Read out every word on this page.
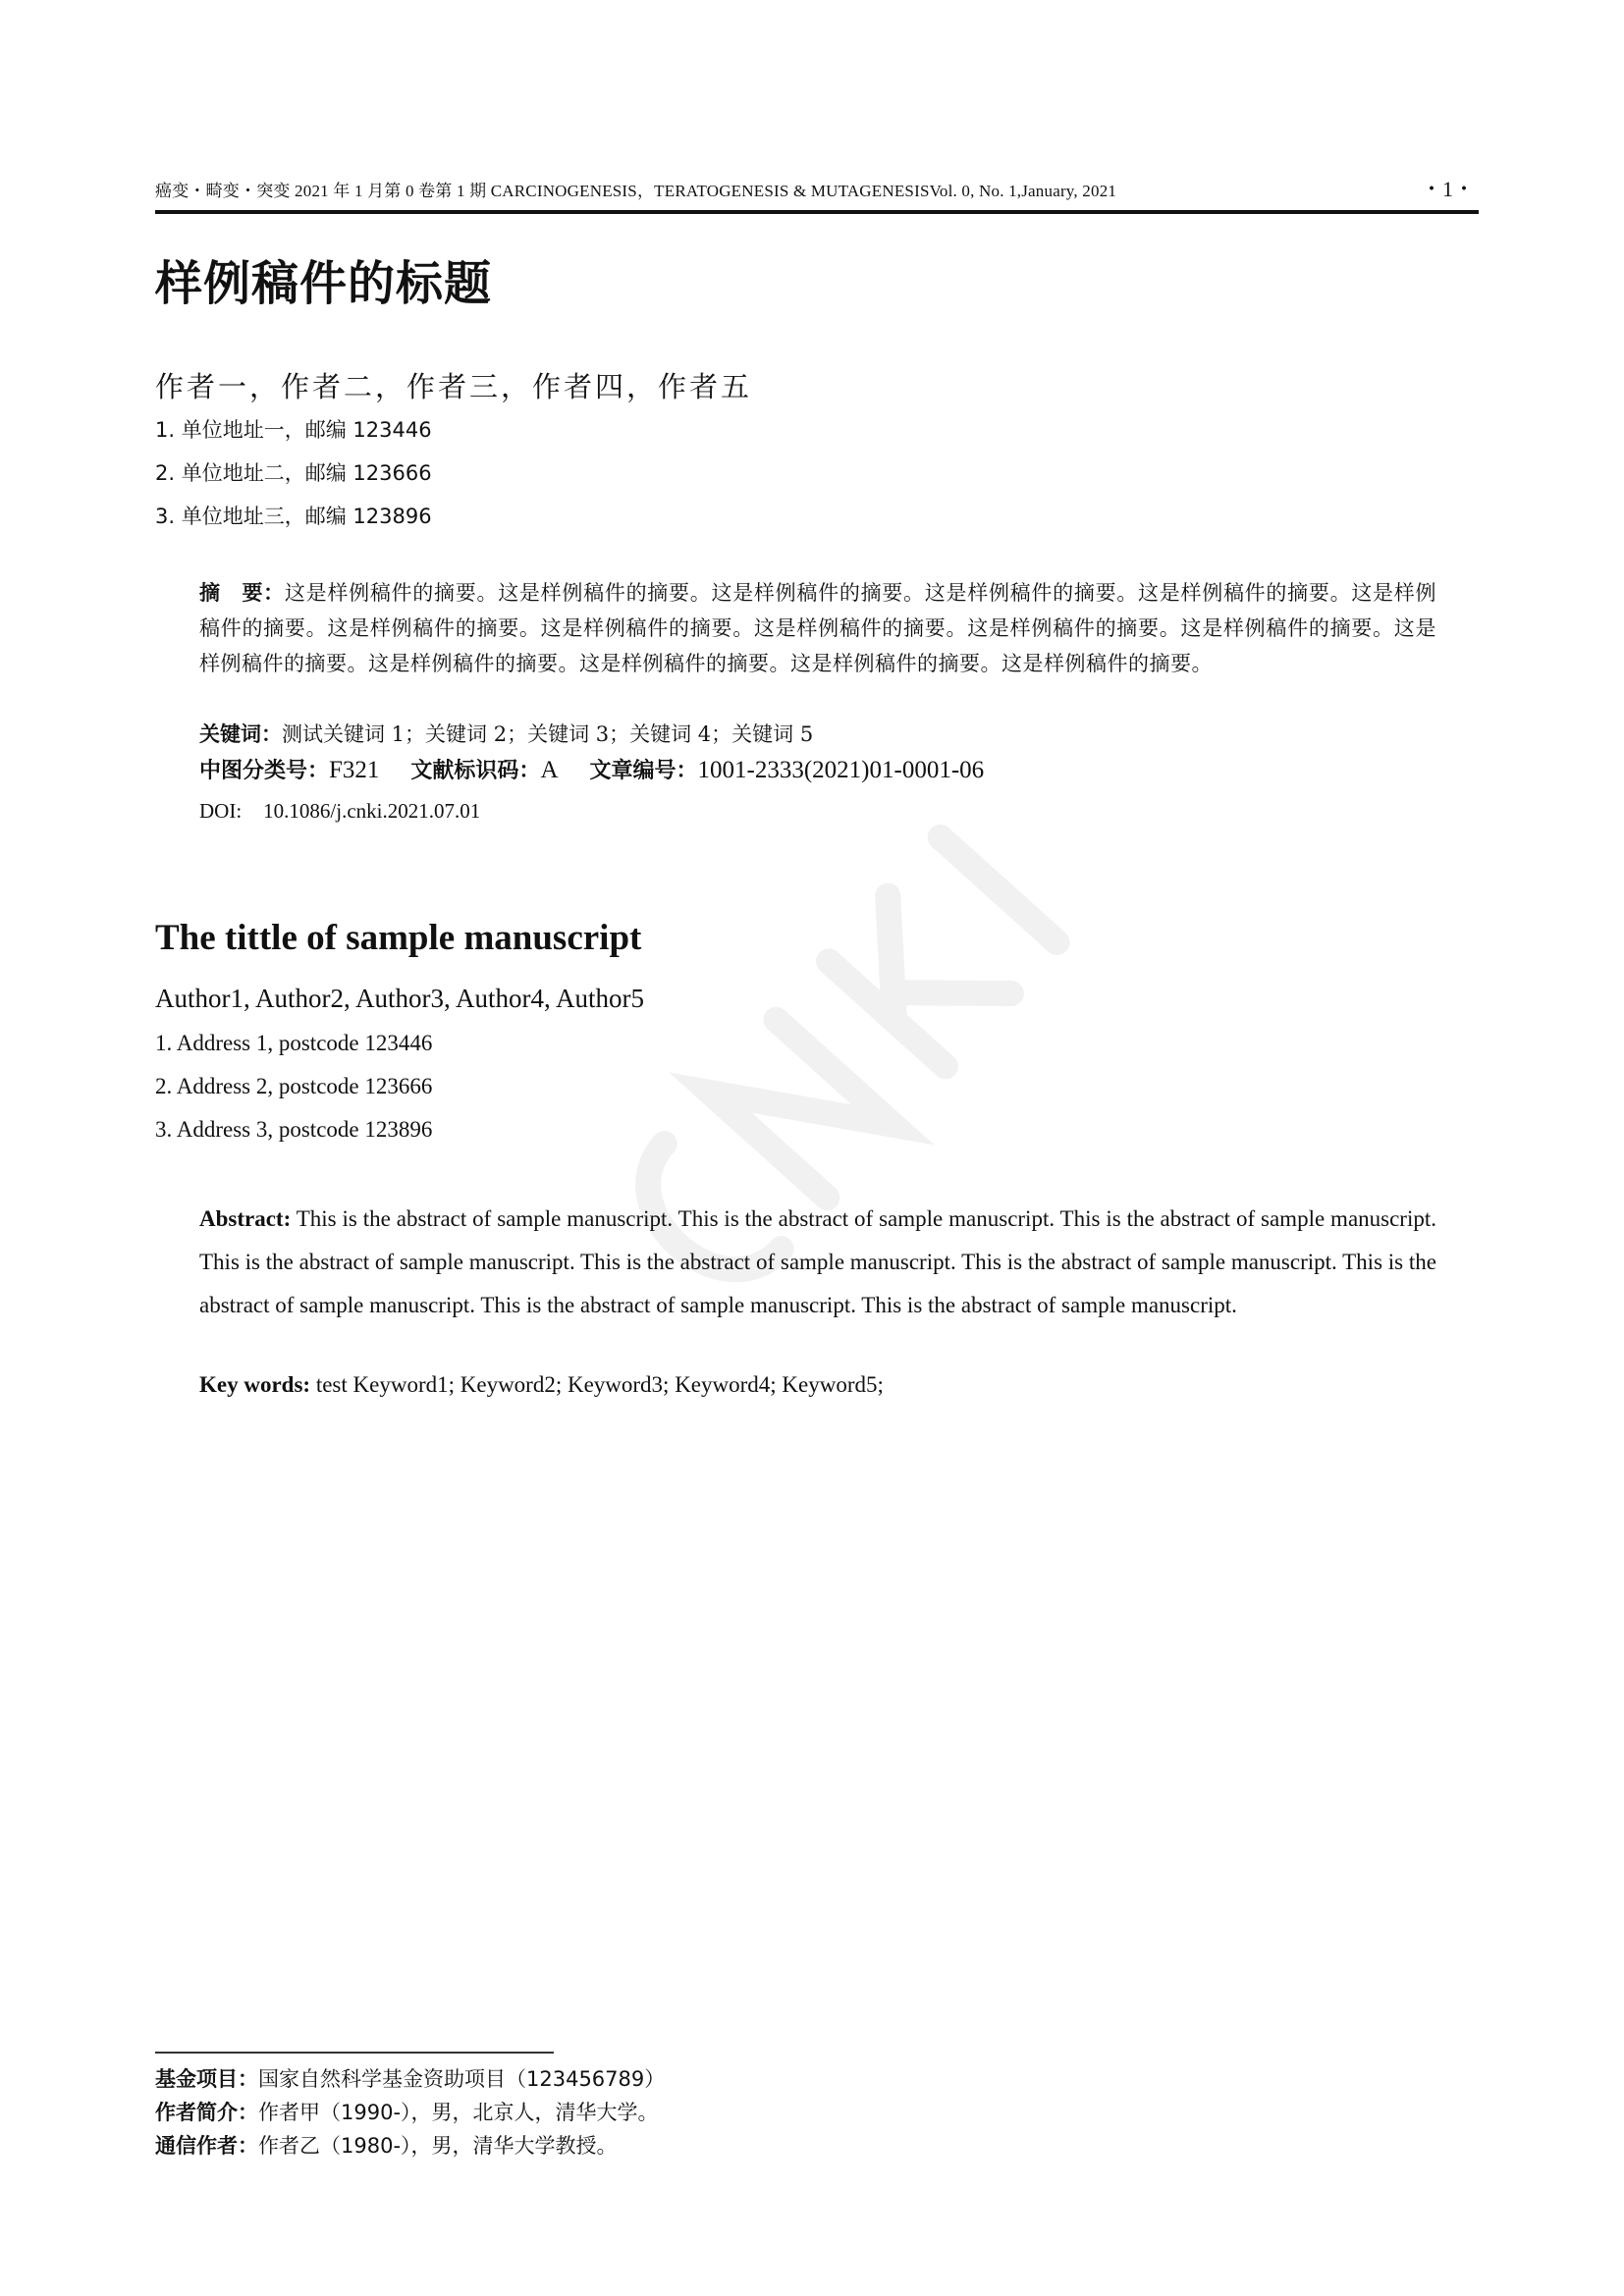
癌变・畸变・突变 2021 年 1 月第 0 卷第 1 期 CARCINOGENESIS，TERATOGENESIS & MUTAGENESISVol. 0, No. 1,January, 2021	・1・
样例稿件的标题
作者一，作者二，作者三，作者四，作者五
1. 单位地址一，邮编 123446
2. 单位地址二，邮编 123666
3. 单位地址三，邮编 123896
摘　要：这是样例稿件的摘要。这是样例稿件的摘要。这是样例稿件的摘要。这是样例稿件的摘要。这是样例稿件的摘要。这是样例稿件的摘要。这是样例稿件的摘要。这是样例稿件的摘要。这是样例稿件的摘要。这是样例稿件的摘要。这是样例稿件的摘要。这是样例稿件的摘要。这是样例稿件的摘要。这是样例稿件的摘要。这是样例稿件的摘要。这是样例稿件的摘要。
关键词：测试关键词 1；关键词 2；关键词 3；关键词 4；关键词 5
中图分类号：F321 文献标识码：A 文章编号：1001-2333(2021)01-0001-06
DOI: 10.1086/j.cnki.2021.07.01
The tittle of sample manuscript
Author1, Author2, Author3, Author4, Author5
1. Address 1, postcode 123446
2. Address 2, postcode 123666
3. Address 3, postcode 123896
Abstract: This is the abstract of sample manuscript. This is the abstract of sample manuscript. This is the abstract of sample manuscript. This is the abstract of sample manuscript. This is the abstract of sample manuscript. This is the abstract of sample manuscript. This is the abstract of sample manuscript. This is the abstract of sample manuscript. This is the abstract of sample manuscript.
Key words: test Keyword1; Keyword2; Keyword3; Keyword4; Keyword5;
基金项目：国家自然科学基金资助项目（123456789）
作者简介：作者甲（1990-），男，北京人，清华大学。
通信作者：作者乙（1980-），男，清华大学教授。
